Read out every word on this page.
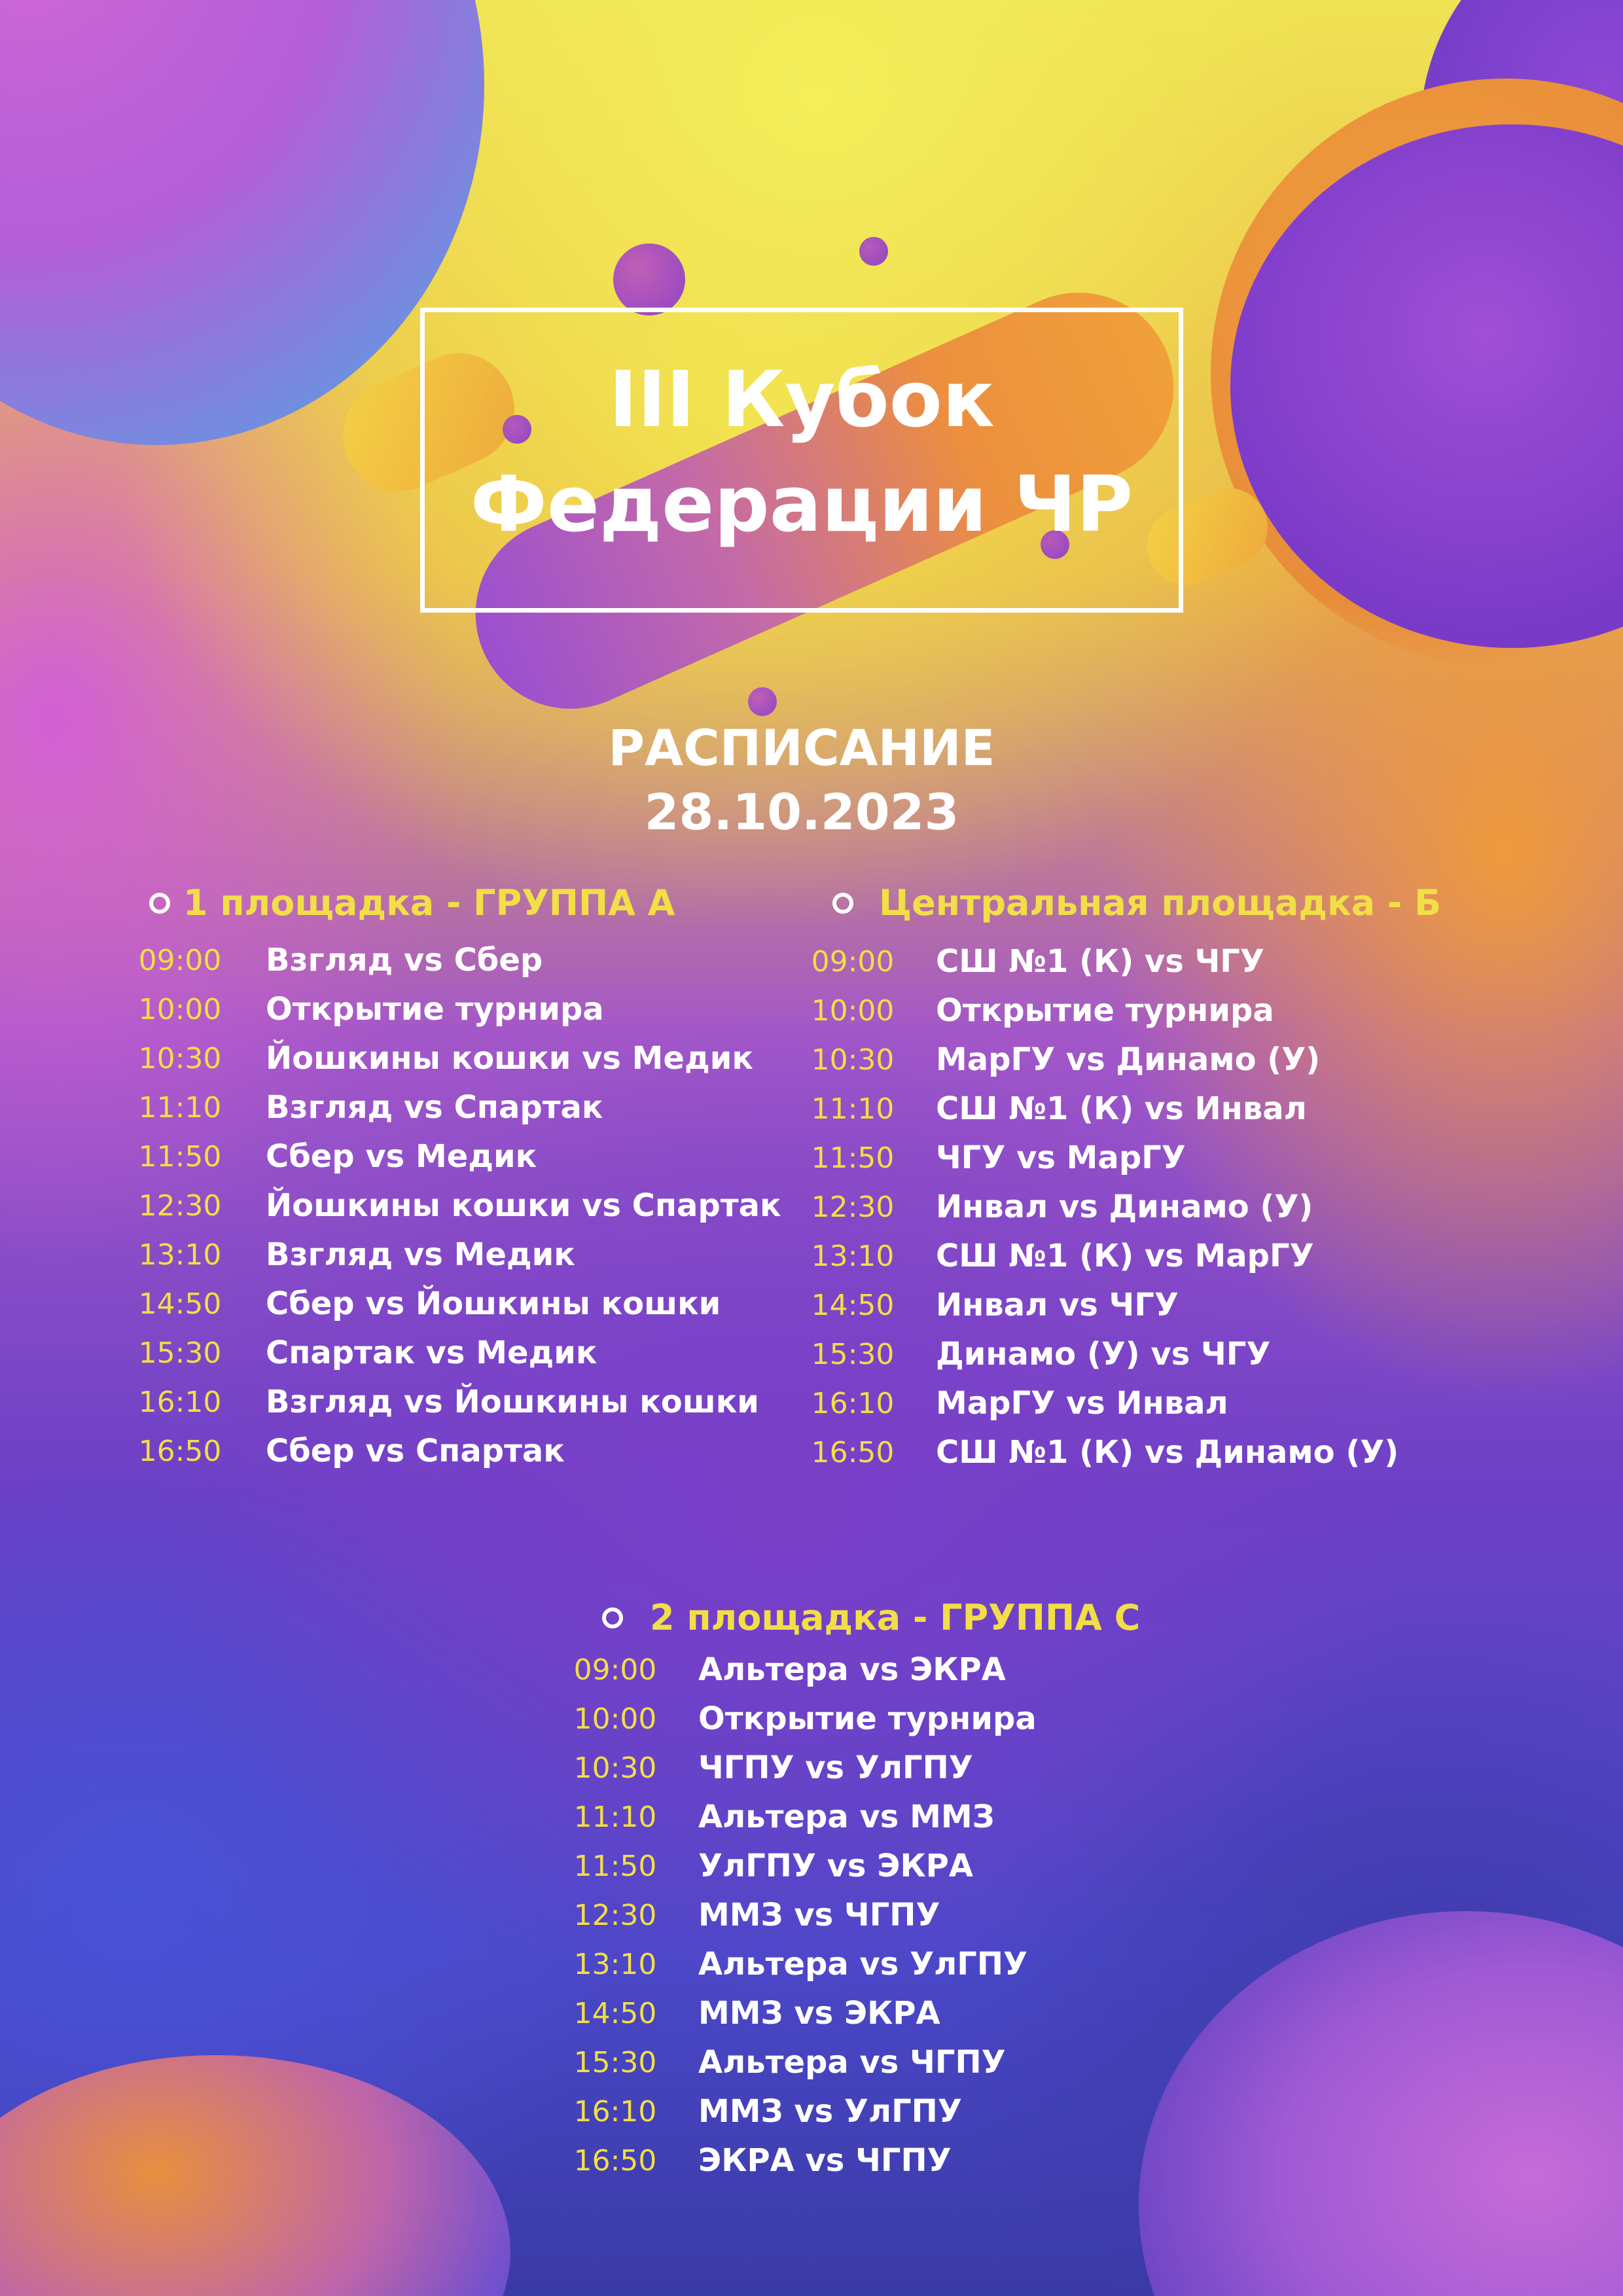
III Кубок
Федерации ЧР
РАСПИСАНИЕ
28.10.2023
1 площадка - ГРУППА А
09:00	Взгляд vs Сбер
10:00	Открытие турнира
10:30	Йошкины кошки vs Медик
11:10	Взгляд vs Спартак
11:50	Сбер vs Медик
12:30	Йошкины кошки vs Спартак
13:10	Взгляд vs Медик
14:50	Сбер vs Йошкины кошки
15:30	Спартак vs Медик
16:10	Взгляд vs Йошкины кошки
16:50	Сбер vs Спартак
Центральная площадка - Б
09:00	СШ №1 (К) vs ЧГУ
10:00	Открытие турнира
10:30	МарГУ vs Динамо (У)
11:10	СШ №1 (К) vs Инвал
11:50	ЧГУ vs МарГУ
12:30	Инвал vs Динамо (У)
13:10	СШ №1 (К) vs МарГУ
14:50	Инвал vs ЧГУ
15:30	Динамо (У) vs ЧГУ
16:10	МарГУ vs Инвал
16:50	СШ №1 (К) vs Динамо (У)
2 площадка - ГРУППА С
09:00	Альтера vs ЭКРА
10:00	Открытие турнира
10:30	ЧГПУ vs УлГПУ
11:10	Альтера vs ММЗ
11:50	УлГПУ vs ЭКРА
12:30	ММЗ vs ЧГПУ
13:10	Альтера vs УлГПУ
14:50	ММЗ vs ЭКРА
15:30	Альтера vs ЧГПУ
16:10	ММЗ vs УлГПУ
16:50	ЭКРА vs ЧГПУ
